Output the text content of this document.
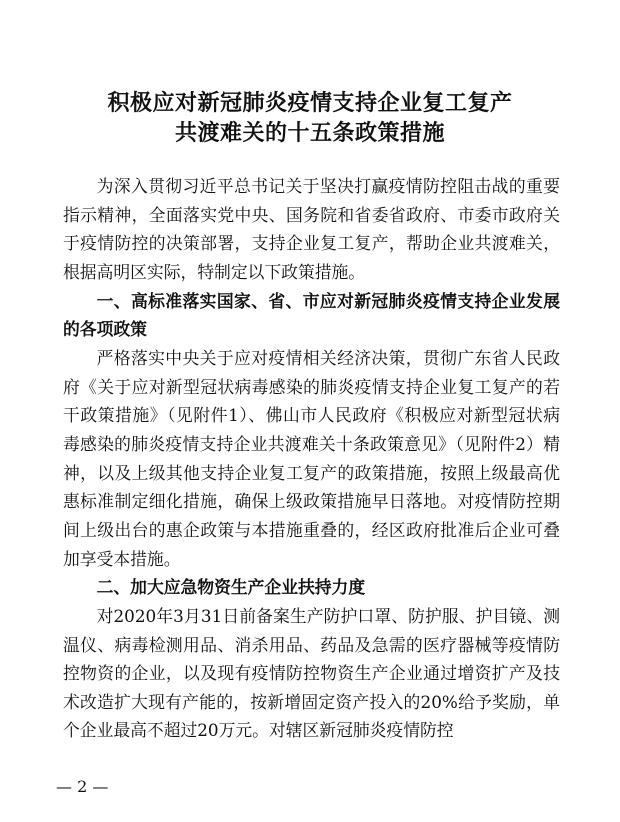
积极应对新冠肺炎疫情支持企业复工复产
共渡难关的十五条政策措施

为深入贯彻习近平总书记关于坚决打赢疫情防控阻击战的重要指示精神，全面落实党中央、国务院和省委省政府、市委市政府关于疫情防控的决策部署，支持企业复工复产，帮助企业共渡难关，根据高明区实际，特制定以下政策措施。

一、高标准落实国家、省、市应对新冠肺炎疫情支持企业发展的各项政策

严格落实中央关于应对疫情相关经济决策，贯彻广东省人民政府《关于应对新型冠状病毒感染的肺炎疫情支持企业复工复产的若干政策措施》（见附件1）、佛山市人民政府《积极应对新型冠状病毒感染的肺炎疫情支持企业共渡难关十条政策意见》（见附件2）精神，以及上级其他支持企业复工复产的政策措施，按照上级最高优惠标准制定细化措施，确保上级政策措施早日落地。对疫情防控期间上级出台的惠企政策与本措施重叠的，经区政府批准后企业可叠加享受本措施。

二、加大应急物资生产企业扶持力度

对2020年3月31日前备案生产防护口罩、防护服、护目镜、测温仪、病毒检测用品、消杀用品、药品及急需的医疗器械等疫情防控物资的企业，以及现有疫情防控物资生产企业通过增资扩产及技术改造扩大现有产能的，按新增固定资产投入的20%给予奖励，单个企业最高不超过20万元。对辖区新冠肺炎疫情防控

— 2 —
